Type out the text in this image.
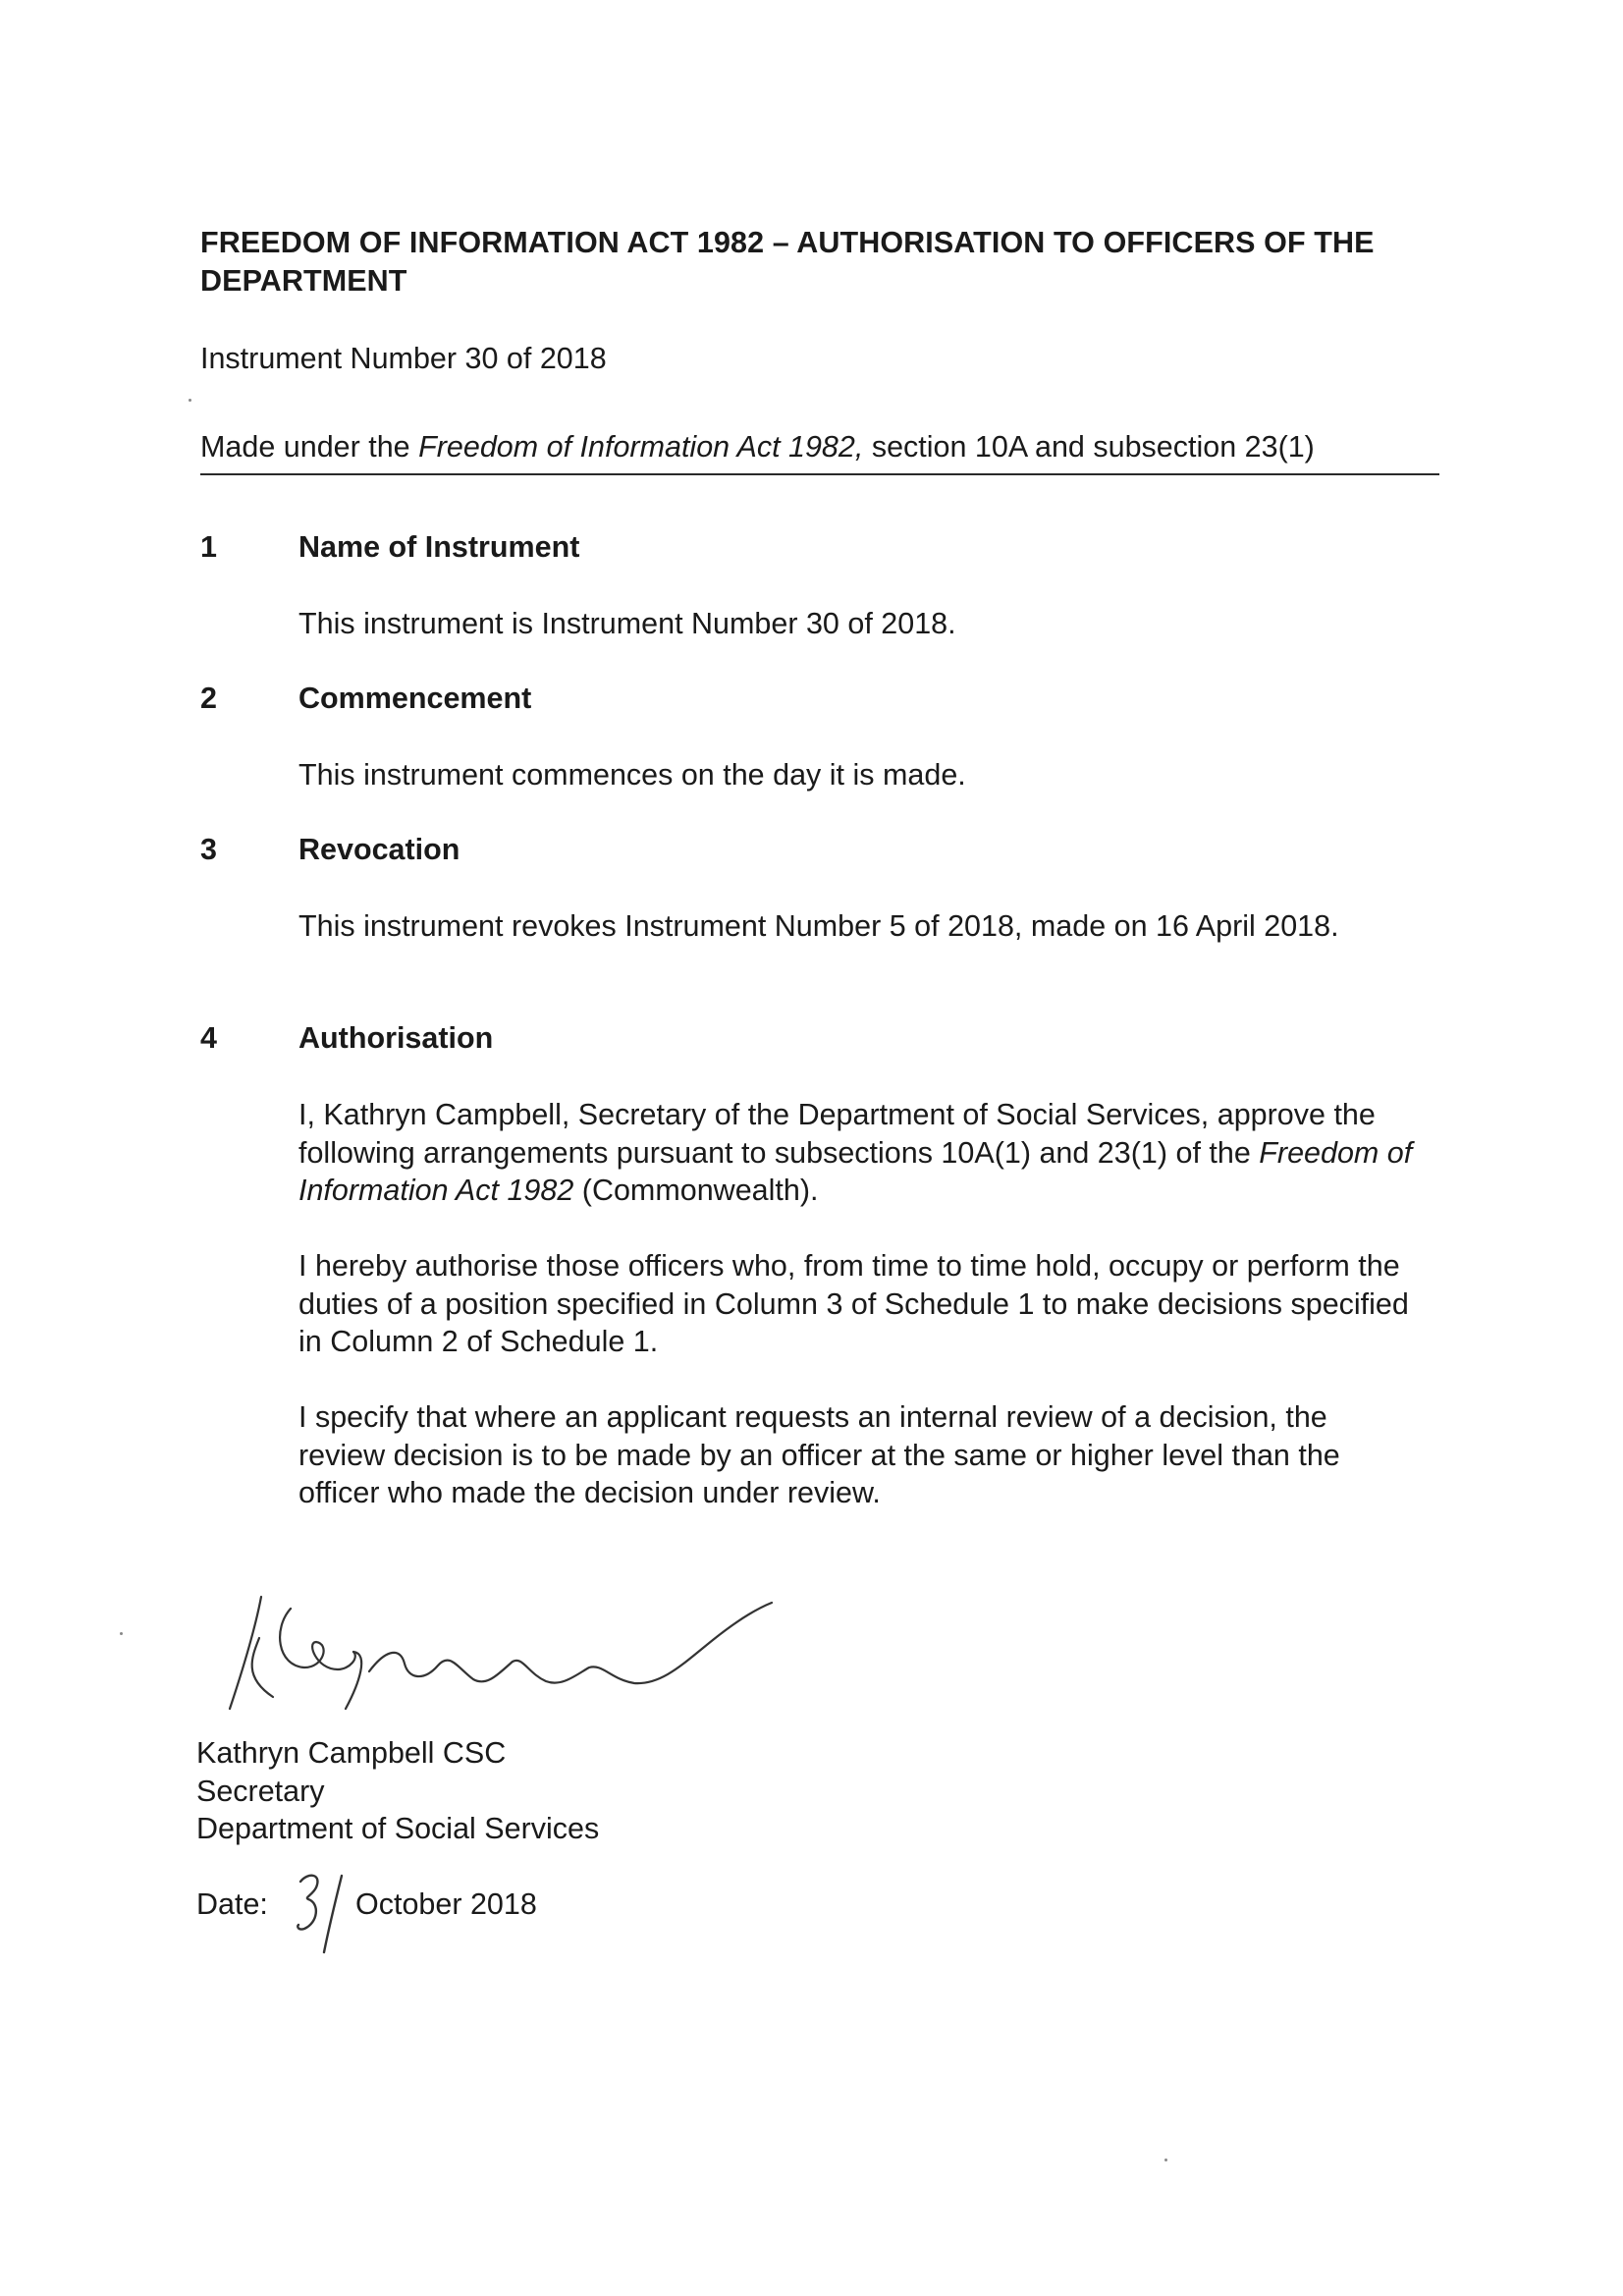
FREEDOM OF INFORMATION ACT 1982 – AUTHORISATION TO OFFICERS OF THE DEPARTMENT
Instrument Number 30 of 2018
Made under the Freedom of Information Act 1982, section 10A and subsection 23(1)
1	Name of Instrument
This instrument is Instrument Number 30 of 2018.
2	Commencement
This instrument commences on the day it is made.
3	Revocation
This instrument revokes Instrument Number 5 of 2018, made on 16 April 2018.
4	Authorisation
I, Kathryn Campbell, Secretary of the Department of Social Services, approve the following arrangements pursuant to subsections 10A(1) and 23(1) of the Freedom of Information Act 1982 (Commonwealth).
I hereby authorise those officers who, from time to time hold, occupy or perform the duties of a position specified in Column 3 of Schedule 1 to make decisions specified in Column 2 of Schedule 1.
I specify that where an applicant requests an internal review of a decision, the review decision is to be made by an officer at the same or higher level than the officer who made the decision under review.
Kathryn Campbell CSC
Secretary
Department of Social Services
Date:	October 2018
